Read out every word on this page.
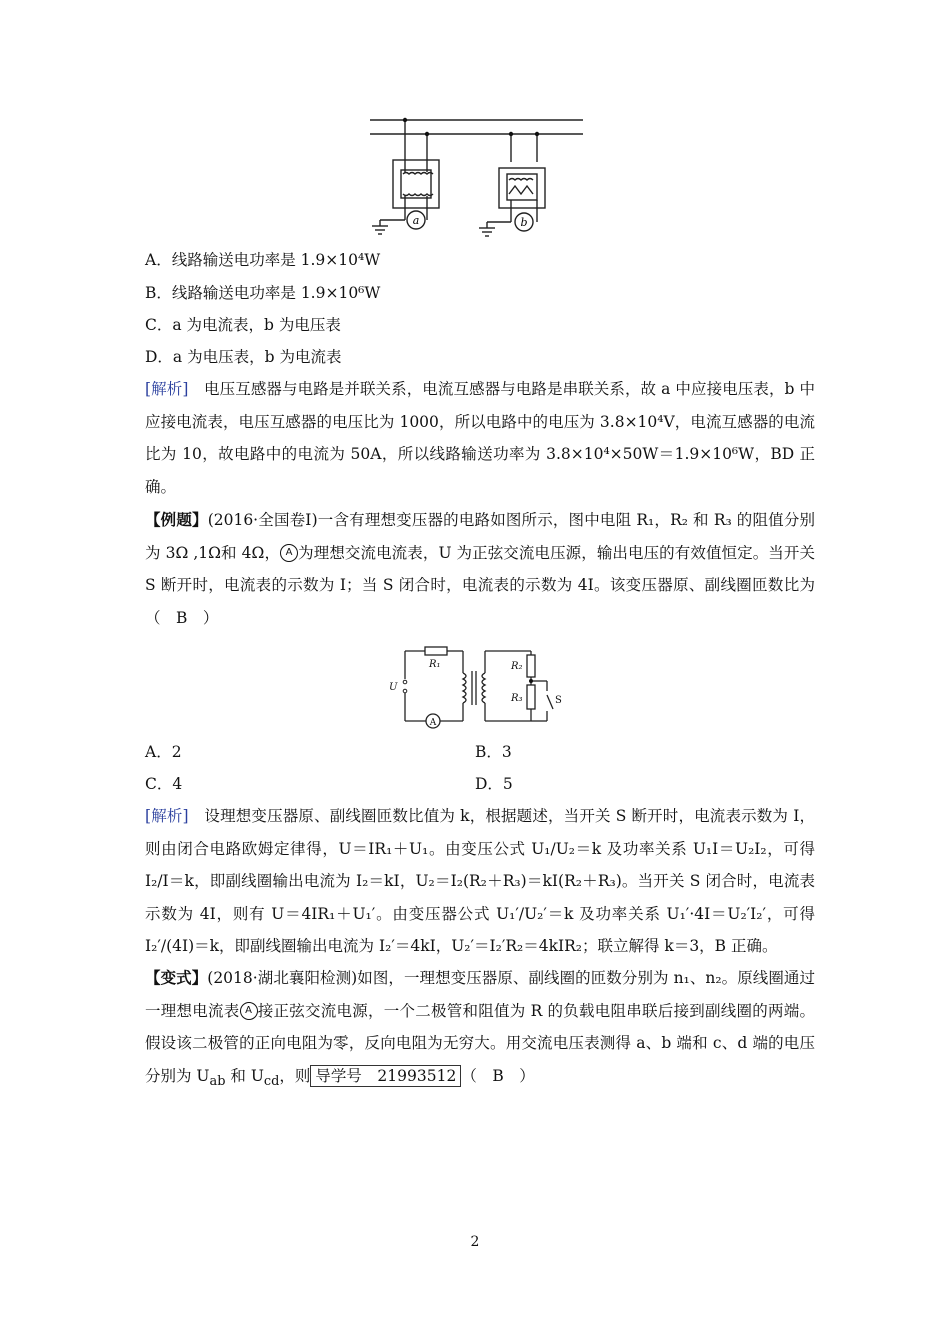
a	b
A．线路输送电功率是 1.9×10⁴W
B．线路输送电功率是 1.9×10⁶W
C．a 为电流表，b 为电压表
D．a 为电压表，b 为电流表
[解析]　电压互感器与电路是并联关系，电流互感器与电路是串联关系，故 a 中应接电压表，b 中应接电流表，电压互感器的电压比为 1000，所以电路中的电压为 3.8×10⁴V，电流互感器的电流比为 10，故电路中的电流为 50A，所以线路输送功率为 3.8×10⁴×50W＝1.9×10⁶W，BD 正确。
【例题】(2016·全国卷Ⅰ)一含有理想变压器的电路如图所示，图中电阻 R₁，R₂ 和 R₃ 的阻值分别为 3Ω ,1Ω和 4Ω， A 为理想交流电流表，U 为正弦交流电压源，输出电压的有效值恒定。当开关 S 断开时，电流表的示数为 I；当 S 闭合时，电流表的示数为 4I。该变压器原、副线圈匝数比为（　B　）
R₁	R₂
R₃
U
S
A
A．2	B．3
C．4	D．5
[解析]　设理想变压器原、副线圈匝数比值为 k，根据题述，当开关 S 断开时，电流表示数为 I，则由闭合电路欧姆定律得，U＝IR₁＋U₁。由变压公式 U₁/U₂＝k 及功率关系 U₁I＝U₂I₂，可得 I₂/I＝k，即副线圈输出电流为 I₂＝kI，U₂＝I₂(R₂＋R₃)＝kI(R₂＋R₃)。当开关 S 闭合时，电流表示数为 4I，则有 U＝4IR₁＋U₁′。由变压器公式 U₁′/U₂′＝k 及功率关系 U₁′·4I＝U₂′I₂′，可得 I₂′/(4I)＝k，即副线圈输出电流为 I₂′＝4kI，U₂′＝I₂′R₂＝4kIR₂；联立解得 k＝3，B 正确。
【变式】(2018·湖北襄阳检测)如图，一理想变压器原、副线圈的匝数分别为 n₁、n₂。原线圈通过一理想电流表 A 接正弦交流电源，一个二极管和阻值为 R 的负载电阻串联后接到副线圈的两端。假设该二极管的正向电阻为零，反向电阻为无穷大。用交流电压表测得 a、b 端和 c、d 端的电压分别为 $U_{ab}$ 和 $U_{cd}$，则 导学号　21993512 （　B　）
2
